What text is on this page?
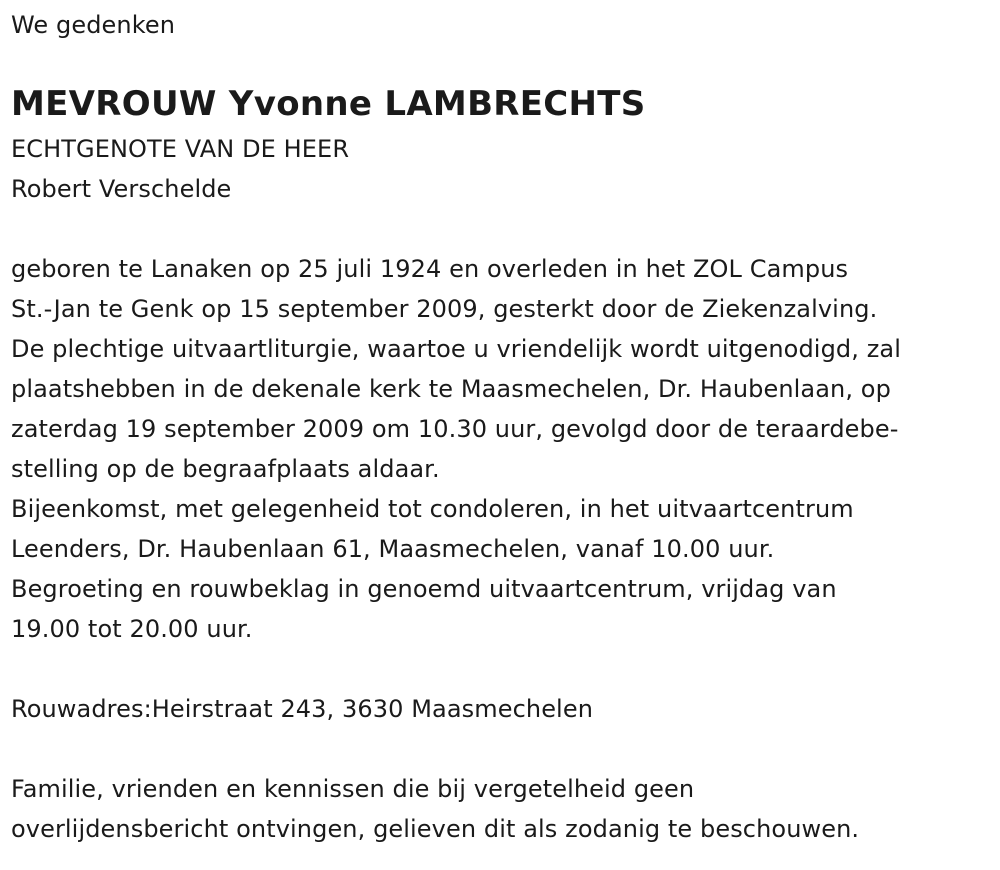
We gedenken
MEVROUW Yvonne LAMBRECHTS
ECHTGENOTE VAN DE HEER
Robert Verschelde
geboren te Lanaken op 25 juli 1924 en overleden in het ZOL Campus
St.-Jan te Genk op 15 september 2009, gesterkt door de Ziekenzalving.
De plechtige uitvaartliturgie, waartoe u vriendelijk wordt uitgenodigd, zal
plaatshebben in de dekenale kerk te Maasmechelen, Dr. Haubenlaan, op
zaterdag 19 september 2009 om 10.30 uur, gevolgd door de teraardebe-
stelling op de begraafplaats aldaar.
Bijeenkomst, met gelegenheid tot condoleren, in het uitvaartcentrum
Leenders, Dr. Haubenlaan 61, Maasmechelen, vanaf 10.00 uur.
Begroeting en rouwbeklag in genoemd uitvaartcentrum, vrijdag van
19.00 tot 20.00 uur.
Rouwadres:Heirstraat 243, 3630 Maasmechelen
Familie, vrienden en kennissen die bij vergetelheid geen
overlijdensbericht ontvingen, gelieven dit als zodanig te beschouwen.
